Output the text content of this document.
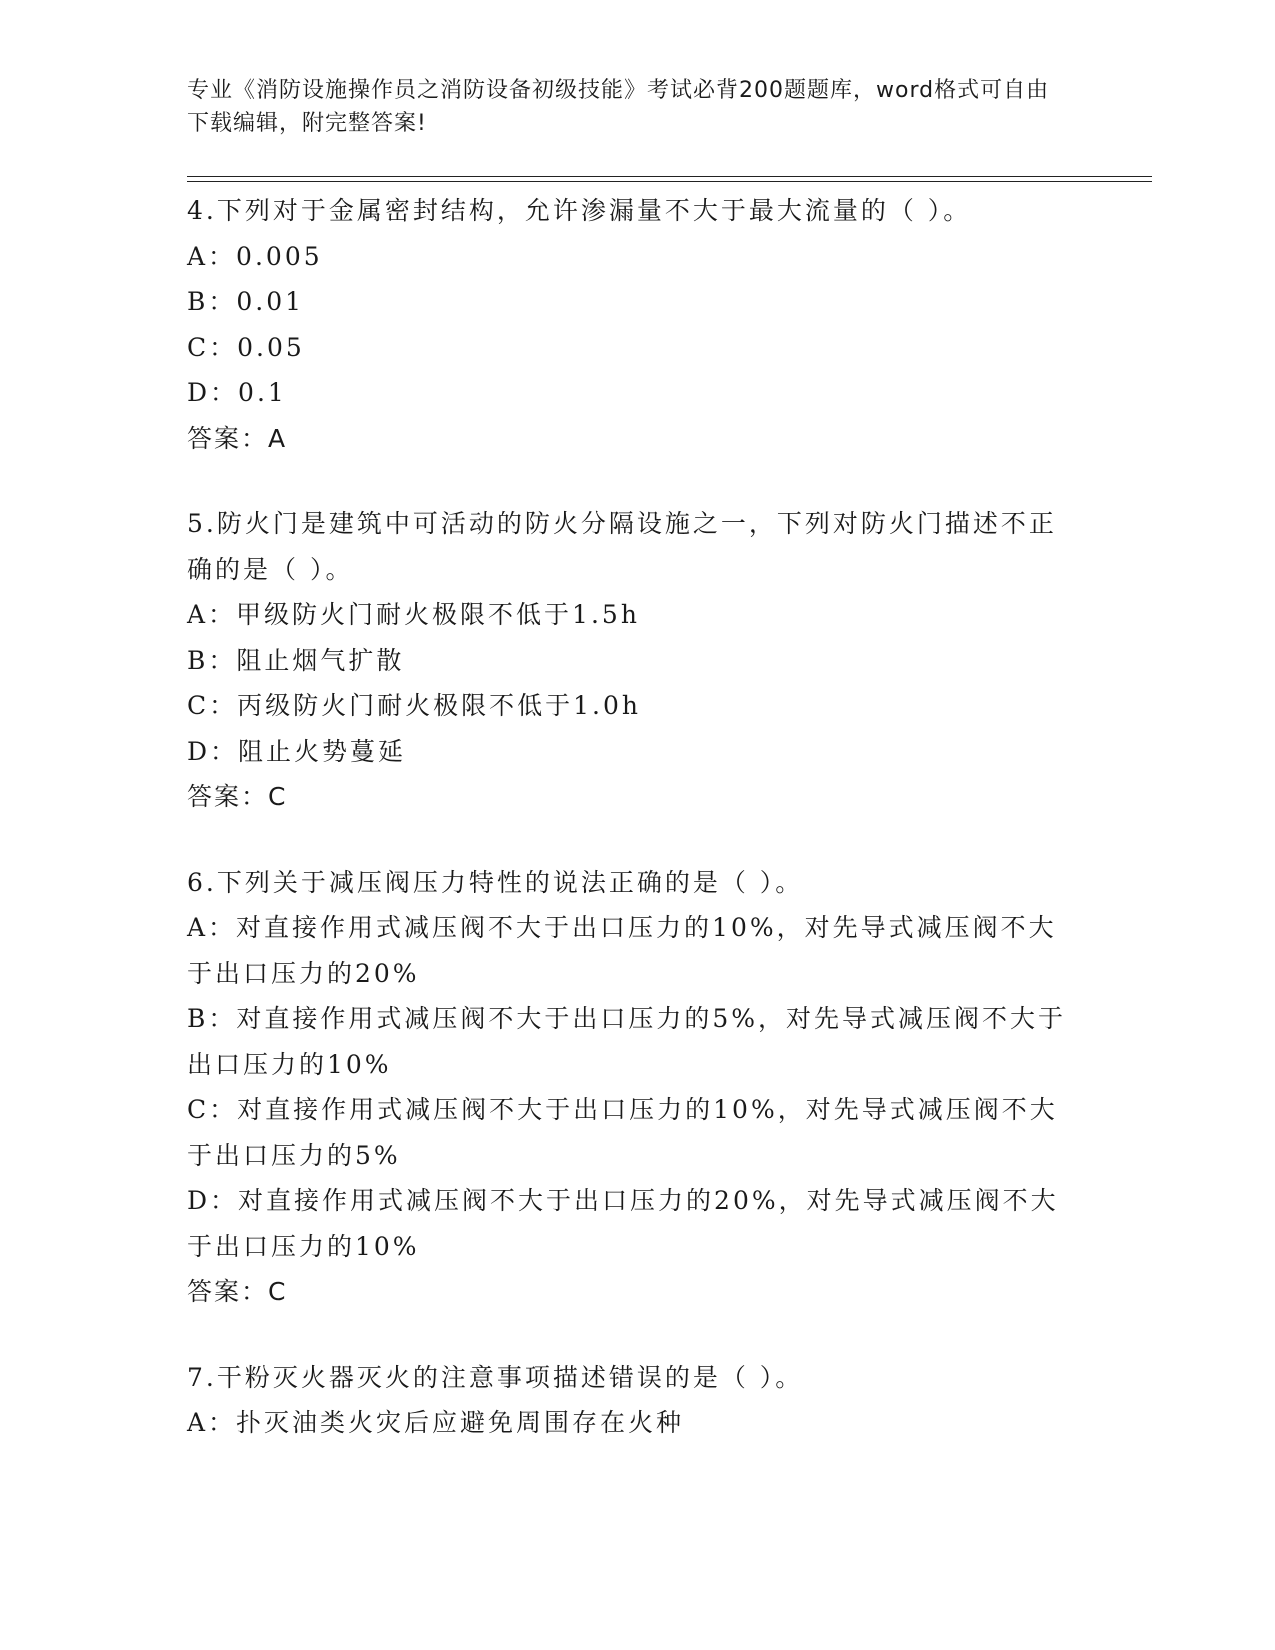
专业《消防设施操作员之消防设备初级技能》考试必背200题题库，word格式可自由下载编辑，附完整答案!

4.下列对于金属密封结构，允许渗漏量不大于最大流量的（ ）。

A：0.005

B：0.01

C：0.05

D：0.1

答案：A

5.防火门是建筑中可活动的防火分隔设施之一，下列对防火门描述不正确的是（ ）。

A：甲级防火门耐火极限不低于1.5h

B：阻止烟气扩散

C：丙级防火门耐火极限不低于1.0h

D：阻止火势蔓延

答案：C

6.下列关于减压阀压力特性的说法正确的是（ ）。

A：对直接作用式减压阀不大于出口压力的10%，对先导式减压阀不大于出口压力的20%

B：对直接作用式减压阀不大于出口压力的5%，对先导式减压阀不大于出口压力的10%

C：对直接作用式减压阀不大于出口压力的10%，对先导式减压阀不大于出口压力的5%

D：对直接作用式减压阀不大于出口压力的20%，对先导式减压阀不大于出口压力的10%

答案：C

7.干粉灭火器灭火的注意事项描述错误的是（ ）。

A：扑灭油类火灾后应避免周围存在火种
